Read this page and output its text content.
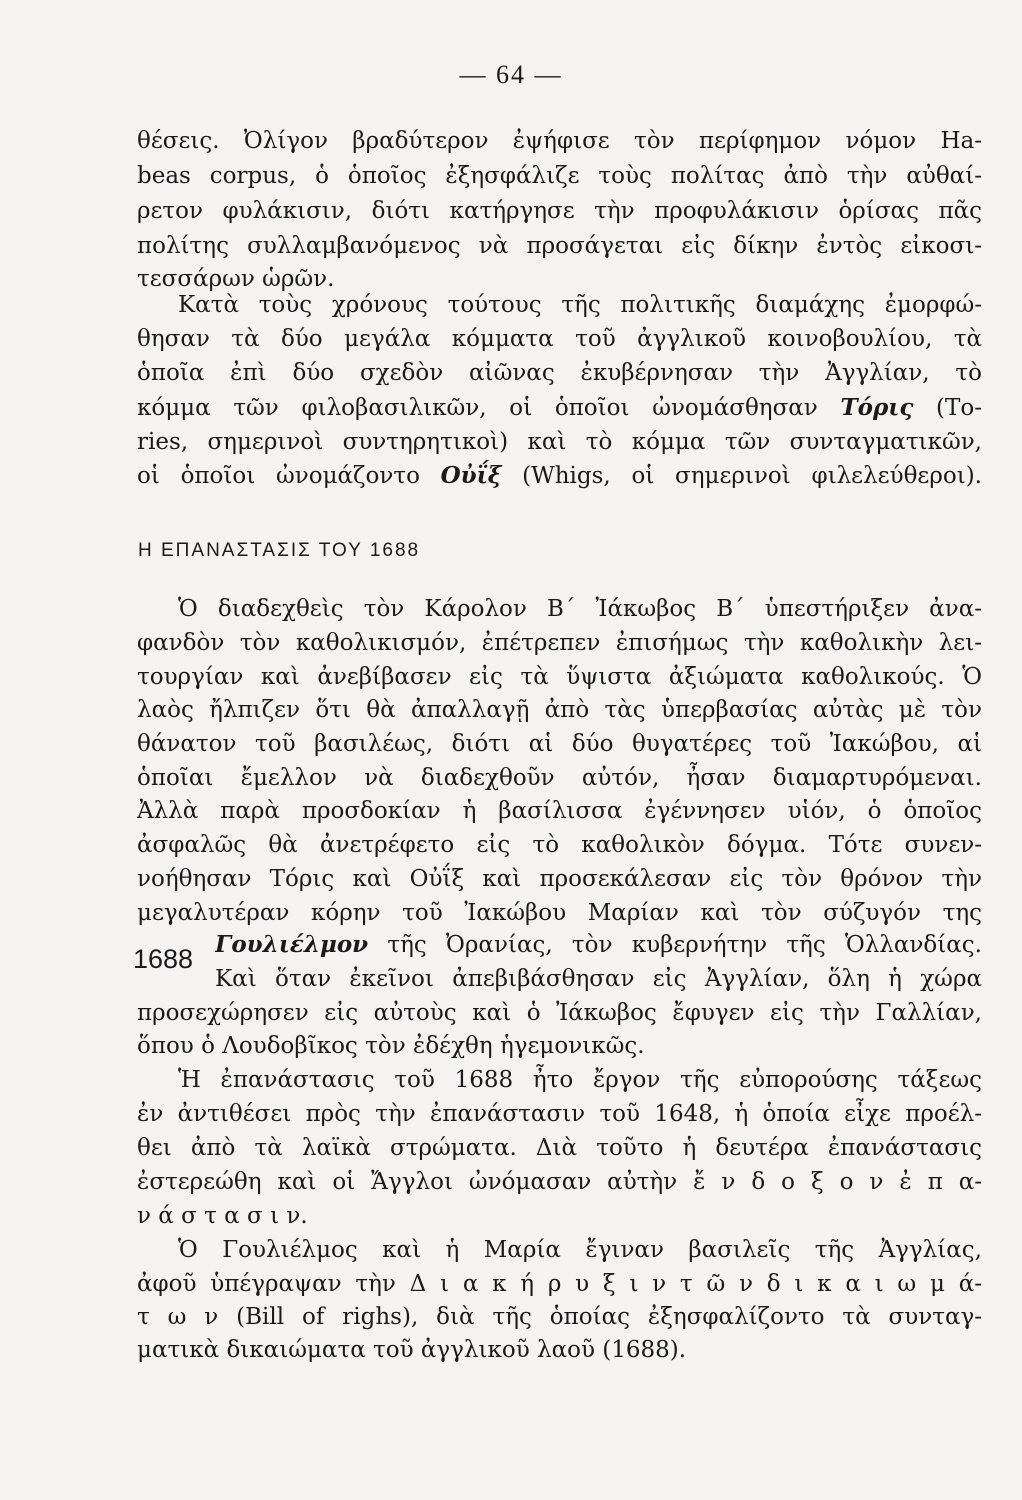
— 64 —
θέσεις. Ὀλίγον βραδύτερον ἐψήφισε τὸν περίφημον νόμον Ha-
beas corpus, ὁ ὁποῖος ἐξησφάλιζε τοὺς πολίτας ἀπὸ τὴν αὐθαί-
ρετον φυλάκισιν, διότι κατήργησε τὴν προφυλάκισιν ὁρίσας πᾶς
πολίτης συλλαμβανόμενος νὰ προσάγεται εἰς δίκην ἐντὸς εἰκοσι-
τεσσάρων ὡρῶν.
Κατὰ τοὺς χρόνους τούτους τῆς πολιτικῆς διαμάχης ἐμορφώ-
θησαν τὰ δύο μεγάλα κόμματα τοῦ ἀγγλικοῦ κοινοβουλίου, τὰ
ὁποῖα ἐπὶ δύο σχεδὸν αἰῶνας ἐκυβέρνησαν τὴν Ἀγγλίαν, τὸ
κόμμα τῶν φιλοβασιλικῶν, οἱ ὁποῖοι ὠνομάσθησαν Τόρις (Το-
ries, σημερινοὶ συντηρητικοὶ) καὶ τὸ κόμμα τῶν συνταγματικῶν,
οἱ ὁποῖοι ὠνομάζοντο Οὐΐξ (Whigs, οἱ σημερινοὶ φιλελεύθεροι).
Η ΕΠΑΝΑΣΤΑΣΙΣ ΤΟΥ 1688
Ὁ διαδεχθεὶς τὸν Κάρολον Β΄ Ἰάκωβος Β΄ ὑπεστήριξεν ἀνα-
φανδὸν τὸν καθολικισμόν, ἐπέτρεπεν ἐπισήμως τὴν καθολικὴν λει-
τουργίαν καὶ ἀνεβίβασεν εἰς τὰ ὕψιστα ἀξιώματα καθολικούς. Ὁ
λαὸς ἤλπιζεν ὅτι θὰ ἀπαλλαγῇ ἀπὸ τὰς ὑπερβασίας αὐτὰς μὲ τὸν
θάνατον τοῦ βασιλέως, διότι αἱ δύο θυγατέρες τοῦ Ἰακώβου, αἱ
ὁποῖαι ἔμελλον νὰ διαδεχθοῦν αὐτόν, ἦσαν διαμαρτυρόμεναι.
Ἀλλὰ παρὰ προσδοκίαν ἡ βασίλισσα ἐγέννησεν υἱόν, ὁ ὁποῖος
ἀσφαλῶς θὰ ἀνετρέφετο εἰς τὸ καθολικὸν δόγμα. Τότε συνεν-
νοήθησαν Τόρις καὶ Οὐΐξ καὶ προσεκάλεσαν εἰς τὸν θρόνον τὴν
μεγαλυτέραν κόρην τοῦ Ἰακώβου Μαρίαν καὶ τὸν σύζυγόν της
1688 Γουλιέλμον τῆς Ὀρανίας, τὸν κυβερνήτην τῆς Ὁλλανδίας.
Καὶ ὅταν ἐκεῖνοι ἀπεβιβάσθησαν εἰς Ἀγγλίαν, ὅλη ἡ χώρα
προσεχώρησεν εἰς αὐτοὺς καὶ ὁ Ἰάκωβος ἔφυγεν εἰς τὴν Γαλλίαν,
ὅπου ὁ Λουδοβῖκος τὸν ἐδέχθη ἡγεμονικῶς.
Ἡ ἐπανάστασις τοῦ 1688 ἦτο ἔργον τῆς εὐπορούσης τάξεως
ἐν ἀντιθέσει πρὸς τὴν ἐπανάστασιν τοῦ 1648, ἡ ὁποία εἶχε προέλ-
θει ἀπὸ τὰ λαϊκὰ στρώματα. Διὰ τοῦτο ἡ δευτέρα ἐπανάστασις
ἐστερεώθη καὶ οἱ Ἄγγλοι ὠνόμασαν αὐτὴν ἔ ν δ ο ξ ο ν ἐ π α-
ν ά σ τ α σ ι ν.
Ὁ Γουλιέλμος καὶ ἡ Μαρία ἔγιναν βασιλεῖς τῆς Ἀγγλίας,
ἀφοῦ ὑπέγραψαν τὴν Δ ι α κ ή ρ υ ξ ι ν τ ῶ ν δ ι κ α ι ω μ ά-
τ ω ν (Bill of righs), διὰ τῆς ὁποίας ἐξησφαλίζοντο τὰ συνταγ-
ματικὰ δικαιώματα τοῦ ἀγγλικοῦ λαοῦ (1688).
